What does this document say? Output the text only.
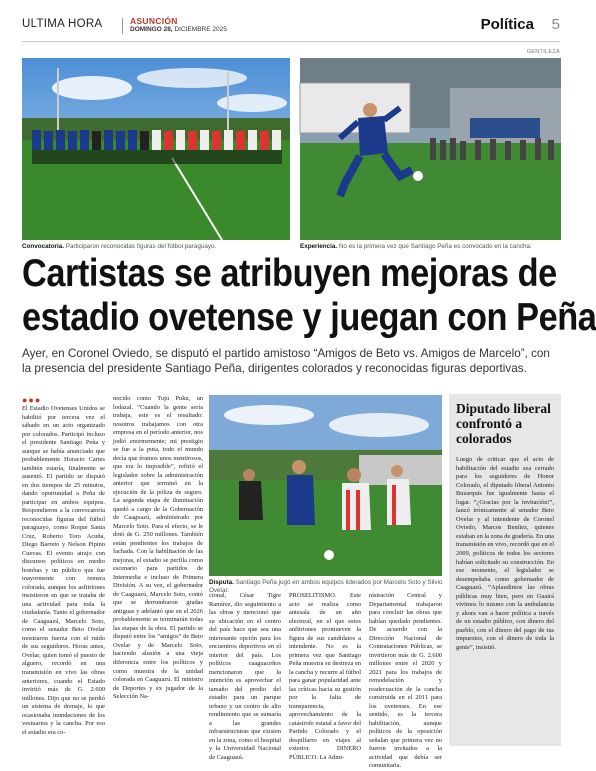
ULTIMA HORA	ASUNCIÓN
DOMINGO 28, DICIEMBRE 2025	Política 5
GENTILEZA
Convocatoria. Participaron reconocidas figuras del fútbol paraguayo.	Experiencia. No es la primera vez que Santiago Peña es convocado en la cancha.
Cartistas se atribuyen mejoras de
estadio ovetense y juegan con Peña
Ayer, en Coronel Oviedo, se disputó el partido amistoso “Amigos de Beto vs. Amigos de Marcelo”, con la presencia del presidente Santiago Peña, dirigentes colorados y reconocidas figuras deportivas.
●●●
El Estadio Ovetenses Unidos se habilitó por tercera vez el sábado en un acto organizado por colorados. Participó incluso el presidente Santiago Peña y aunque se había anunciado que probablemente Horacio Cartes también estaría, finalmente se ausentó. El partido se disputó en dos tiempos de 25 minutos, dando oportunidad a Peña de participar en ambos equipos. Respondieron a la convocatoria reconocidas figuras del fútbol paraguayo, como Roque Santa Cruz, Roberto Toro Acuña, Diego Barreto y Nelson Pipino Cuevas. El evento atrajo con discursos políticos en medio bombas y un público que fue mayormente con remera colorada, aunque los asfitriones insistieron en que se trataba de una actividad para toda la ciudadanía. Tanto el gobernador de Caaguazú, Marcelo Soto, como el senador Beto Ovelar mostraron fuerza con el ruido de sus seguidores. Horas antes, Ovelar, quien tomó el puesto de alguero, recordó en una transmisión en vivo las obras anteriores, cuando el Estado invirtió más de G. 2.600 millones. Dijo que no se perdió un sistema de drenaje, lo que ocasionaba inundaciones de los vestuarios y la cancha. Por eso el estadio era co-
nocido como Tuju Puku, un lodazal. “Cuando la gente sería trabaja, este es el resultado: nosotros trabajamos con otra empresa en el período anterior, nos jodió enormemente; mi prestigio se fue a la puta, todo el mundo decía que éramos unos mentirosos, que era lo imposible”, refirió el legislador sobre la administración anterior que terminó en la ejecución de la póliza de seguro. La segunda etapa de iluminación quedó a cargo de la Gobernación de Caaguazú, administrado por Marcelo Soto. Para el efecto, se le dotó de G. 250 millones. También están pendientes los trabajos de fachada. Con la habilitación de las mejoras, el estadio se perfila como escenario para partidos de Intermedia e incluso de Primera División. A su vez, el gobernador de Caaguazú, Marcelo Soto, contó que se derrumbaron gradas antiguas y adelantó que en el 2026 probablemente se terminarán todas las etapas de la obra. El partido se disputó entre los “amigos” de Beto Ovelar y de Marcelo Soto, haciendo alusión a una vieja diferencia entre los políticos y como muestra de la unidad colorada en Caaguazú. El ministro de Deportes y ex jugador de la Selección Na-
Disputa. Santiago Peña jugó en ambos equipos liderados por Marcelo Soto y Silvio Ovelar.
cional, César Tigre Ramírez, dio seguimiento a las obras y mencionó que su ubicación en el centro del país hace que sea una interesante opción para los encuentros deportivos en el interior del país. Los políticos caaguaceños mencionaron que la intención es aprovechar el tamaño del predio del estadio para un parque urbano y un centro de alto rendimiento que se sumaría a las grandes infraestructuras que existen en la zona, como el hospital y la Universidad Nacional de Caaguazú.
PROSELITISMO. Este acto se realiza como antesala de un año electoral, en el que estos anfitriones promueven la figura de sus candidatos a intendente. No es la primera vez que Santiago Peña muestra su destreza en la cancha y recurre al fútbol para ganar popularidad ante las críticas hacia su gestión por la falta de transparencia, aprovechamiento de la catástrofe estatal a favor del Partido Colorado y el despilfarro en viajes al exterior. DINERO PÚBLICO. La Admi-
nistración Central y Departamental trabajaron para concluir las obras que habían quedado pendientes. De acuerdo con la Dirección Nacional de Contrataciones Públicas, se invirtieron más de G. 2.600 millones entre el 2020 y 2021 para los trabajos de remodelación y readecuación de la cancha construida en el 2011 para los ovetenses. En ese sentido, es la tercera habilitación, aunque políticos de la oposición señalan que primera vez no fueron invitados a la actividad que debía ser comunitaria.
Diputado liberal confrontó a colorados
Luego de criticar que el acto de habilitación del estadio sea cerrado para los seguidores de Honor Colorado, el diputado liberal Antonio Buzarquis fue igualmente hasta el lugar. “¿Gracias por la invitación!”, lanzó irónicamente al senador Beto Ovelar y al intendente de Coronel Oviedo, Marcos Benítez, quienes estaban en la zona de gradería. En una transmisión en vivo, recordó que en el 2009, políticos de todos los sectores habían solicitado su construcción. En ese momento, el legislador se desempeñaba como gobernador de Caaguazú. “Aplaudimos las obras públicas muy bien, pero en Guairá vivimos lo mismo con la ambulancia y ahora van a hacer política a través de un estadio público, con dinero del pueblo, con el dinero del pago de tus impuestos, con el dinero de toda la gente”, insistió.
